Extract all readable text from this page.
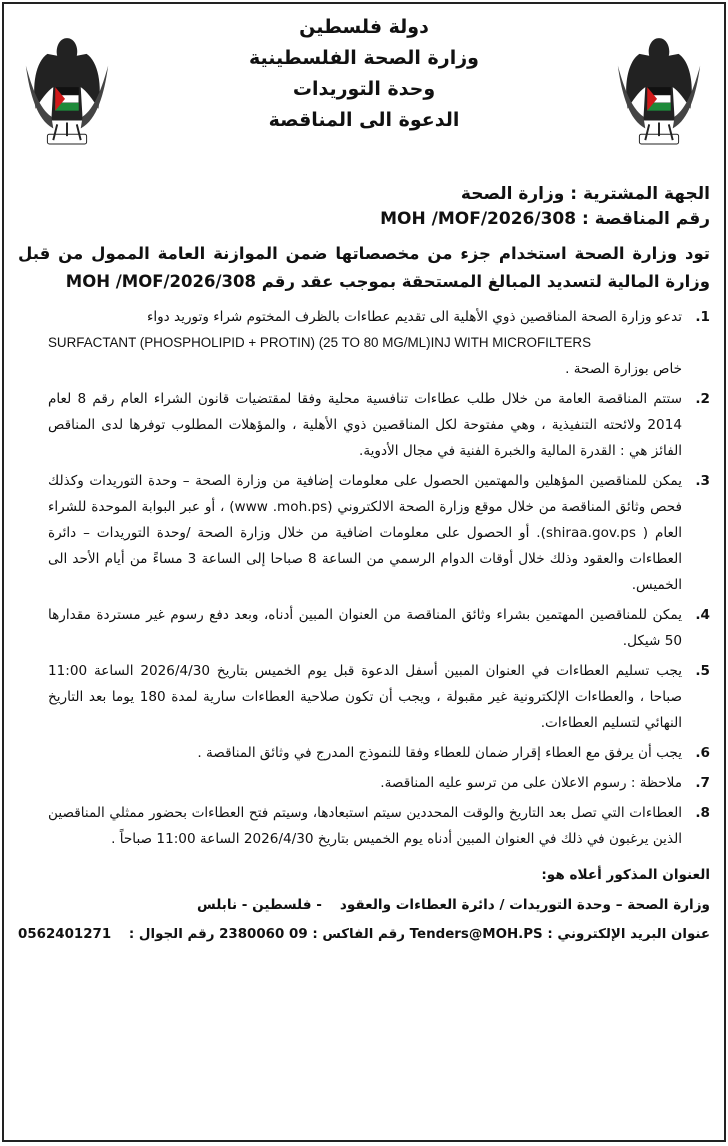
دولة فلسطين
وزارة الصحة الفلسطينية
وحدة التوريدات
الدعوة الى المناقصة
الجهة المشترية : وزارة الصحة
رقم المناقصة : MOH /MOF/2026/308
تود وزارة الصحة استخدام جزء من مخصصاتها ضمن الموازنة العامة الممول من قبل وزارة المالية لتسديد المبالغ المستحقة بموجب عقد رقم MOH /MOF/2026/308
1.
تدعو وزارة الصحة المناقصين ذوي الأهلية الى تقديم عطاءات بالظرف المختوم شراء وتوريد دواء
SURFACTANT (PHOSPHOLIPID + PROTIN) (25 TO 80 MG/ML)INJ WITH MICROFILTERS
خاص بوزارة الصحة .
2.
ستتم المناقصة العامة من خلال طلب عطاءات تنافسية محلية وفقا لمقتضيات قانون الشراء العام رقم 8 لعام 2014 ولائحته التنفيذية ، وهي مفتوحة لكل المناقصين ذوي الأهلية ، والمؤهلات المطلوب توفرها لدى المناقص الفائز هي : القدرة المالية والخبرة الفنية في مجال الأدوية.
3.
يمكن للمناقصين المؤهلين والمهتمين الحصول على معلومات إضافية من وزارة الصحة – وحدة التوريدات وكذلك فحص وثائق المناقصة من خلال موقع وزارة الصحة الالكتروني (www .moh.ps) ، أو عبر البوابة الموحدة للشراء العام ( shiraa.gov.ps). أو الحصول على معلومات اضافية من خلال وزارة الصحة /وحدة التوريدات – دائرة العطاءات والعقود وذلك خلال أوقات الدوام الرسمي من الساعة 8 صباحا إلى الساعة 3 مساءً من أيام الأحد الى الخميس.
4.
يمكن للمناقصين المهتمين بشراء وثائق المناقصة من العنوان المبين أدناه، وبعد دفع رسوم غير مستردة مقدارها 50 شيكل.
5.
يجب تسليم العطاءات في العنوان المبين أسفل الدعوة قبل يوم الخميس بتاريخ 2026/4/30 الساعة 11:00 صباحا ، والعطاءات الإلكترونية غير مقبولة ، ويجب أن تكون صلاحية العطاءات سارية لمدة 180 يوما بعد التاريخ النهائي لتسليم العطاءات.
6.
يجب أن يرفق مع العطاء إقرار ضمان للعطاء وفقا للنموذج المدرج في وثائق المناقصة .
7.
ملاحظة : رسوم الاعلان على من ترسو عليه المناقصة.
8.
العطاءات التي تصل بعد التاريخ والوقت المحددين سيتم استبعادها، وسيتم فتح العطاءات بحضور ممثلي المناقصين الذين يرغبون في ذلك في العنوان المبين أدناه يوم الخميس بتاريخ 2026/4/30 الساعة 11:00 صباحاً .
العنوان المذكور أعلاه هو:
وزارة الصحة – وحدة التوريدات / دائرة العطاءات والعقود
- فلسطين - نابلس
عنوان البريد الإلكتروني : Tenders@MOH.PS رقم الفاكس : 09 2380060 رقم الجوال :
0562401271
